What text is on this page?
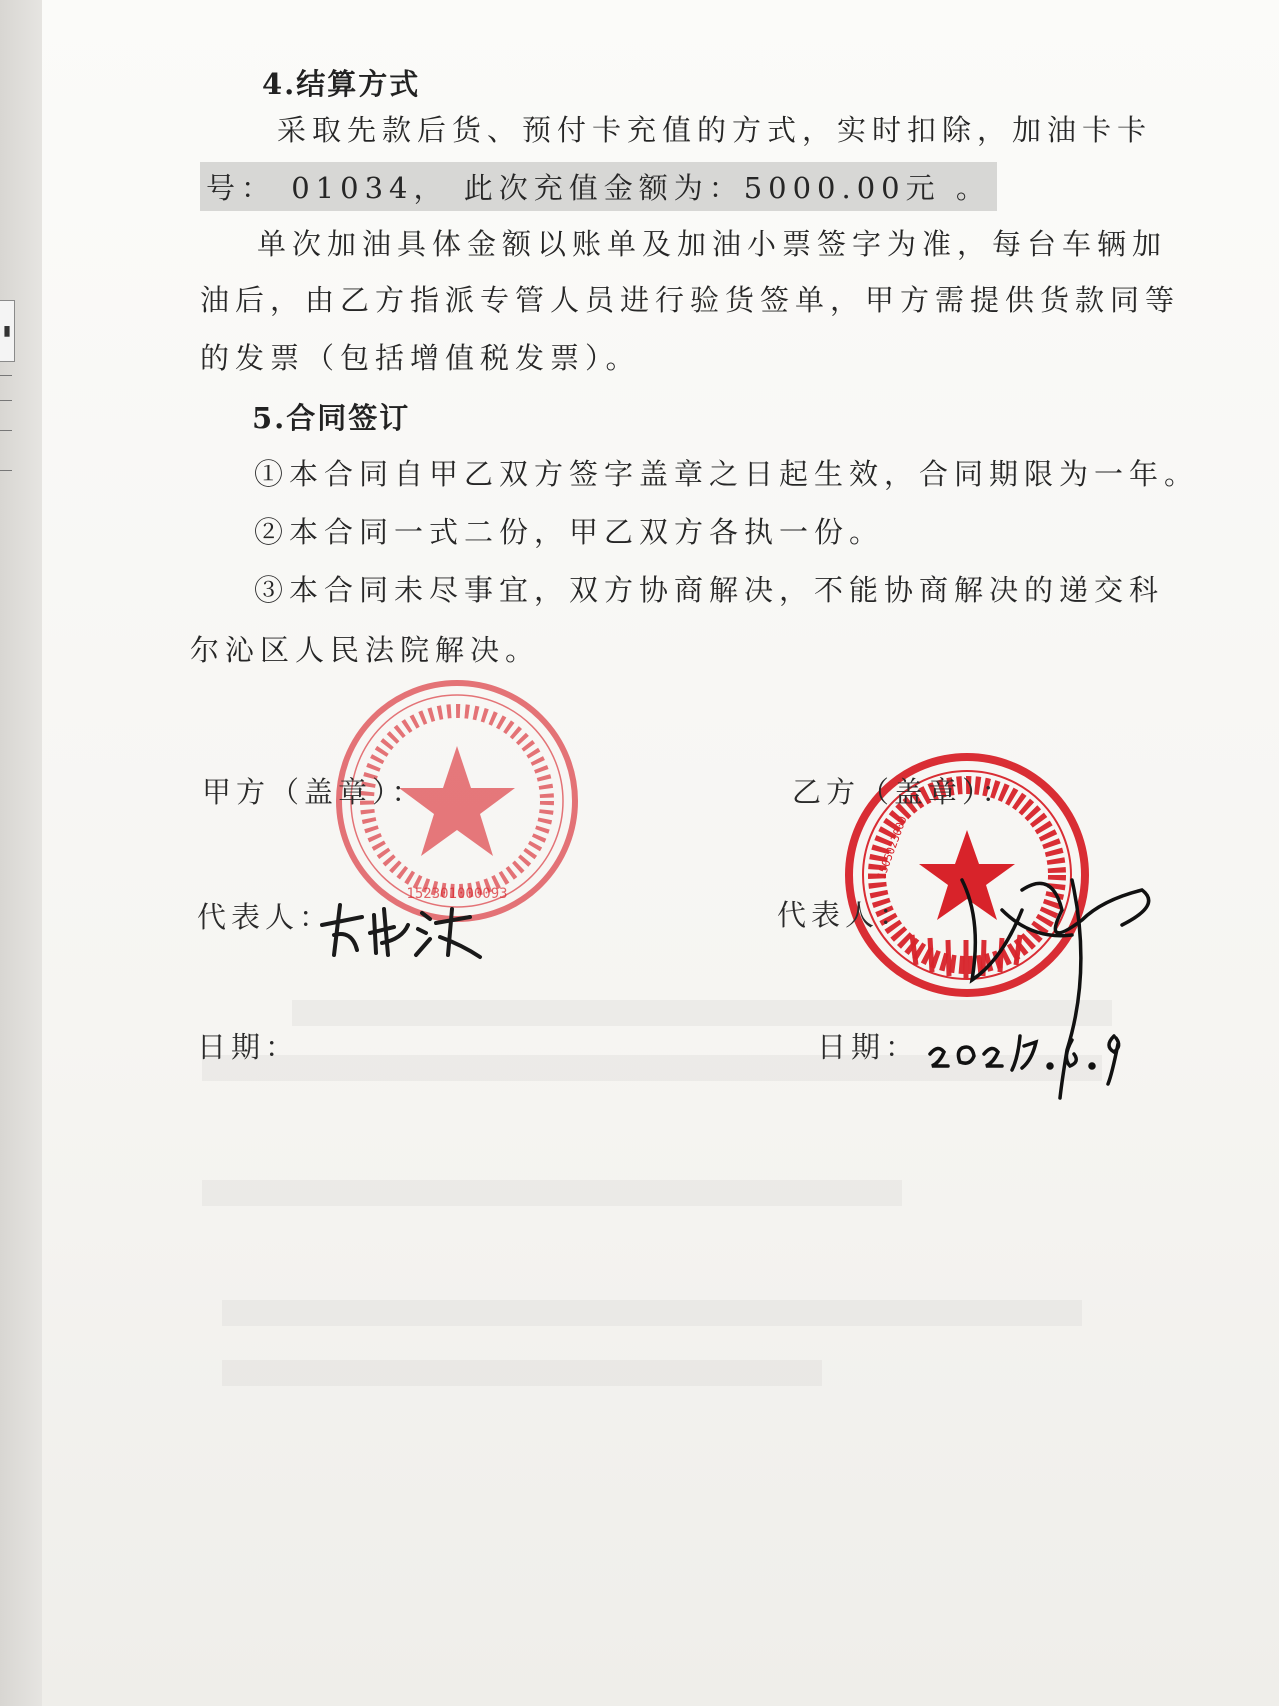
▮
4.结算方式
采取先款后货、预付卡充值的方式，实时扣除，加油卡卡
号： 01034， 此次充值金额为：5000.00元 。
单次加油具体金额以账单及加油小票签字为准，每台车辆加
油后，由乙方指派专管人员进行验货签单，甲方需提供货款同等
的发票（包括增值税发票）。
5.合同签订
①本合同自甲乙双方签字盖章之日起生效，合同期限为一年。
②本合同一式二份，甲乙双方各执一份。
③本合同未尽事宜，双方协商解决，不能协商解决的递交科
尔沁区人民法院解决。
152301000093
1505023000
甲方（盖章）：	乙方（盖章）：
代表人：	代表人：
日期：	日期：
